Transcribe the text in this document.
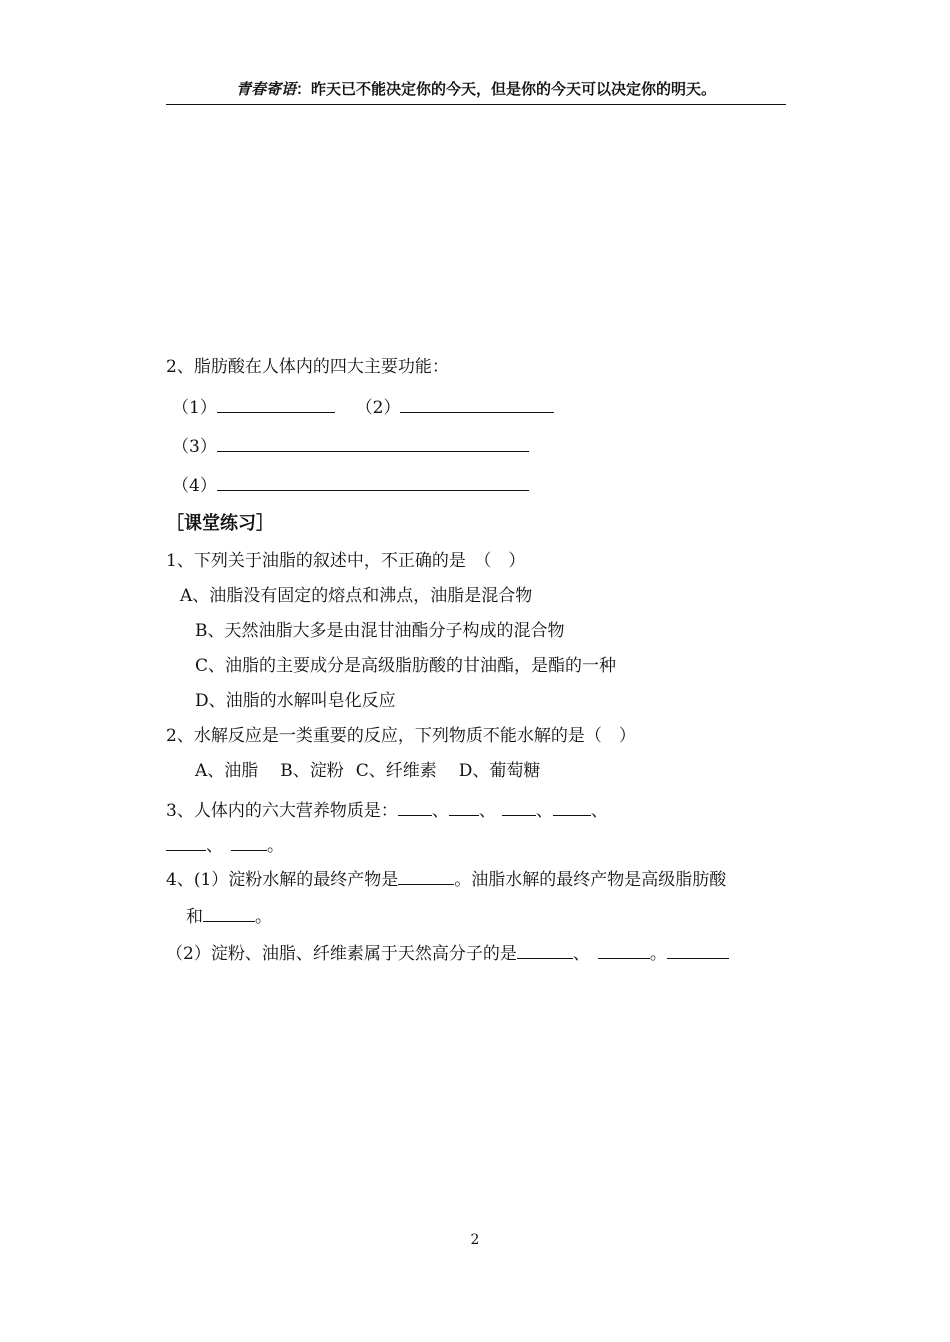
青春寄语：昨天已不能决定你的今天，但是你的今天可以决定你的明天。
2、脂肪酸在人体内的四大主要功能：
（1）	（2）
（3）
（4）
［课堂练习］
1、下列关于油脂的叙述中，不正确的是　（　）
A、油脂没有固定的熔点和沸点，油脂是混合物
B、天然油脂大多是由混甘油酯分子构成的混合物
C、油脂的主要成分是高级脂肪酸的甘油酯，是酯的一种
D、油脂的水解叫皂化反应
2、水解反应是一类重要的反应，下列物质不能水解的是（　）
A、油脂 B、淀粉 C、纤维素 D、葡萄糖
3、人体内的六大营养物质是： 、 、 、 、
、	。
4、(1）淀粉水解的最终产物是	。油脂水解的最终产物是高级脂肪酸
和	。
（2）淀粉、油脂、纤维素属于天然高分子的是	、	。
2
